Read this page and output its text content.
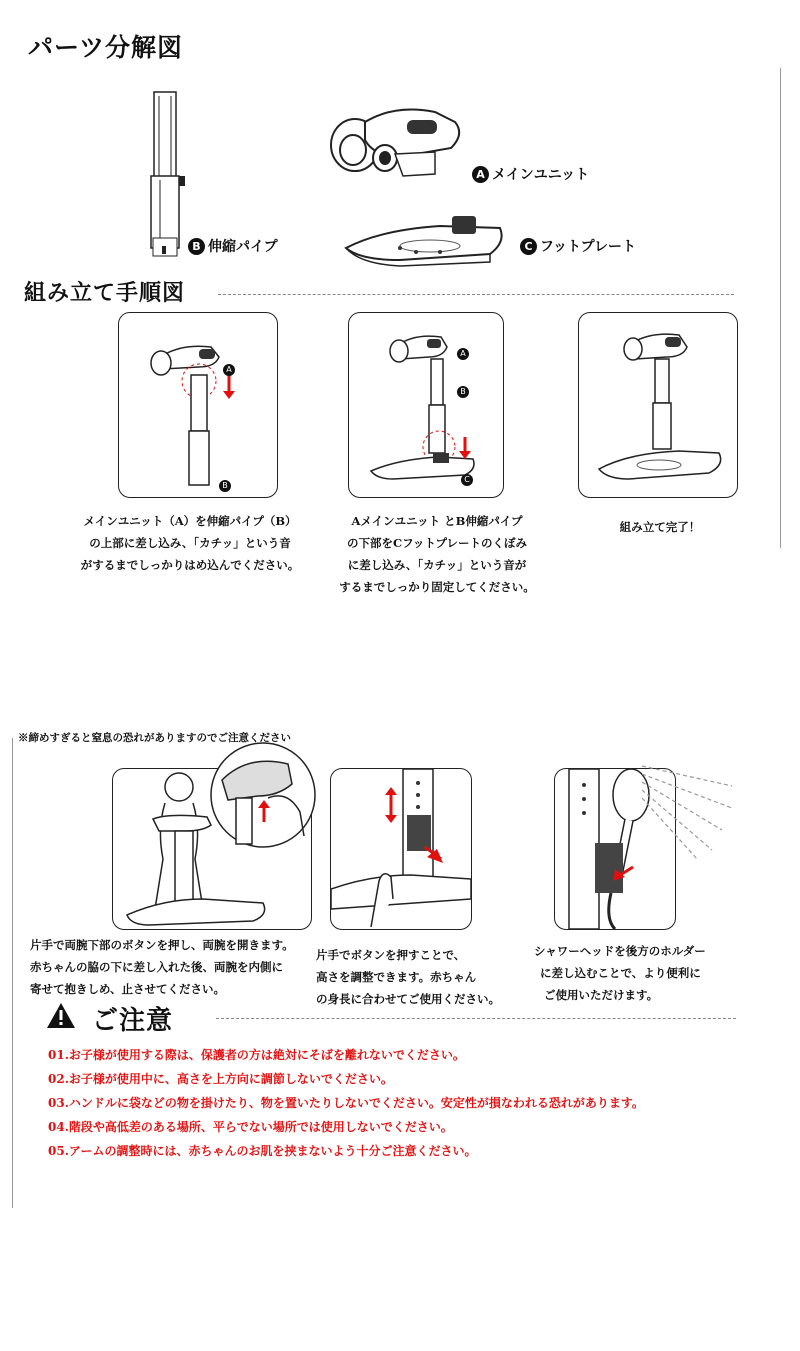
パーツ分解図
B 伸縮パイプ
A メインユニット
C フットプレート
組み立て手順図
A
B
メインユニット（A）を伸縮パイプ（B）
の上部に差し込み、「カチッ」という音
がするまでしっかりはめ込んでください。
A
B
C
Aメインユニット とB伸縮パイプ
の下部をCフットプレートのくぼみ
に差し込み、「カチッ」という音が
するまでしっかり固定してください。
組み立て完了！
※締めすぎると窒息の恐れがありますのでご注意ください
片手で両腕下部のボタンを押し、両腕を開きます。
赤ちゃんの脇の下に差し入れた後、両腕を内側に
寄せて抱きしめ、止させてください。
片手でボタンを押すことで、
高さを調整できます。赤ちゃん
の身長に合わせてご使用ください。
シャワーヘッドを後方のホルダー
に差し込むことで、より便利に
ご使用いただけます。
ご注意
01.お子様が使用する際は、保護者の方は絶対にそばを離れないでください。
02.お子様が使用中に、高さを上方向に調節しないでください。
03.ハンドルに袋などの物を掛けたり、物を置いたりしないでください。安定性が損なわれる恐れがあります。
04.階段や高低差のある場所、平らでない場所では使用しないでください。
05.アームの調整時には、赤ちゃんのお肌を挟まないよう十分ご注意ください。
